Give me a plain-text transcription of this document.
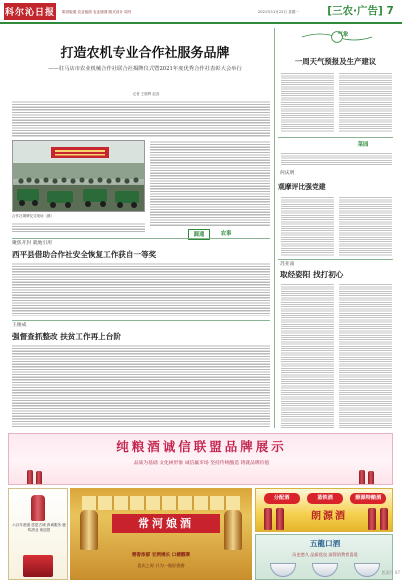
科尔沁日报 陈旧板面 农业板面 农业版面 版式设计 周刊	2021年11月22日 星期一	[三农·广告] 7
打造农机专业合作社服务品牌
——驻马店市农业机械合作社联合社揭牌仪式暨2021年度优秀合作社表彰大会举行
记者 王继辉 赵蕊
合作社揭牌仪式现场（摄）
气象
一周天气预报及生产建议
菜园
何庆明
观摩评比强党建
圆通	农事
聚焦开封 就地引用
西平县借助合作社安全恢复工作获自一等奖
王俊成
强督查抓整改 扶贫工作再上台阶
苏亚南
取经姿阳 找打初心
纯粮酒诚信联盟品牌展示
品质为基础 文化树形象 诚信赢市场 坚持传统酿造 铸就品牌价值
六百年酒道 悠悠古城 真诚服务 鹿鸣酒业 欢迎您	常河娘酒
窖香浓郁 甘洌绵长 口感醇厚
喜庆之时 只为一瓶好酒香
分配酒	蓝铁酒	醇源特酿酒
朗源酒
五龍口酒
历史悠久 品质优良 深得消费者喜爱
版面号 07
